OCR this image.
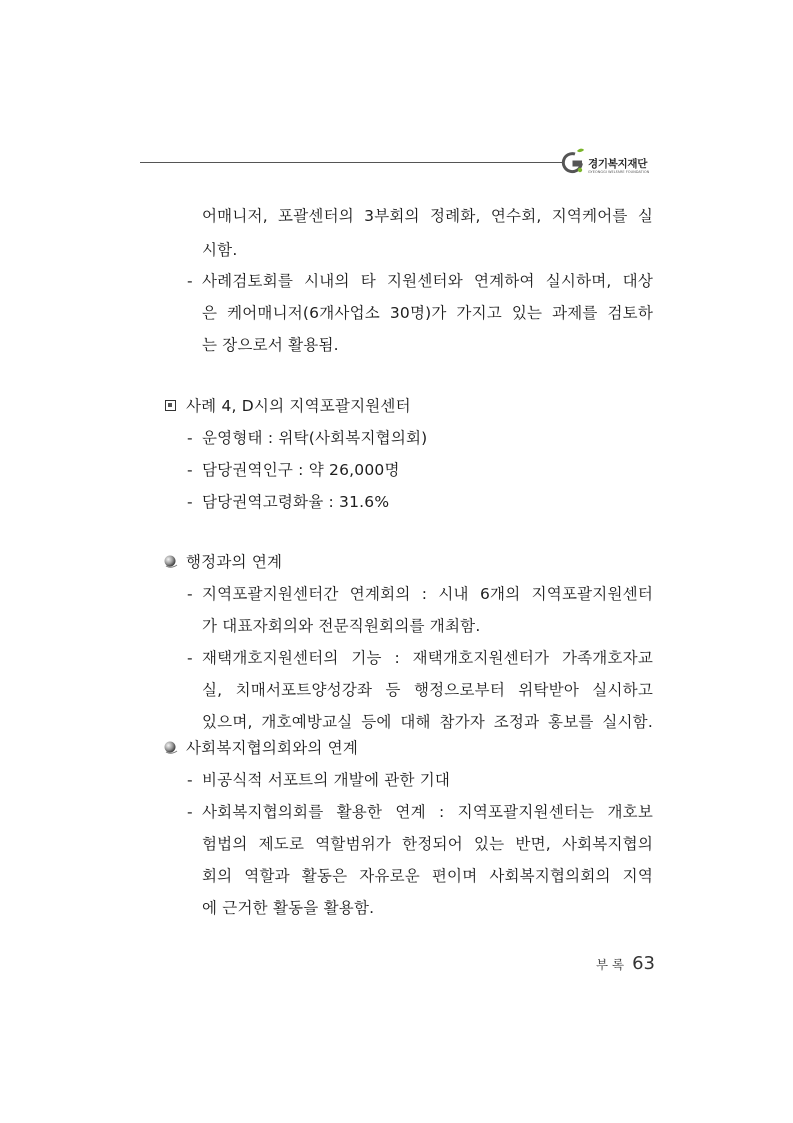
경기복지재단
GYEONGGI WELFARE FOUNDATION
어매니저, 포괄센터의 3부회의 정례화, 연수회, 지역케어를 실
시함.
- 사례검토회를 시내의 타 지원센터와 연계하여 실시하며, 대상
은 케어매니저(6개사업소 30명)가 가지고 있는 과제를 검토하
는 장으로서 활용됨.
사례 4, D시의 지역포괄지원센터
- 운영형태 : 위탁(사회복지협의회)
- 담당권역인구 : 약 26,000명
- 담당권역고령화율 : 31.6%
행정과의 연계
- 지역포괄지원센터간 연계회의 : 시내 6개의 지역포괄지원센터
가 대표자회의와 전문직원회의를 개최함.
- 재택개호지원센터의 기능 : 재택개호지원센터가 가족개호자교
실, 치매서포트양성강좌 등 행정으로부터 위탁받아 실시하고
있으며, 개호예방교실 등에 대해 참가자 조정과 홍보를 실시함.
사회복지협의회와의 연계
- 비공식적 서포트의 개발에 관한 기대
- 사회복지협의회를 활용한 연계 : 지역포괄지원센터는 개호보
험법의 제도로 역할범위가 한정되어 있는 반면, 사회복지협의
회의 역할과 활동은 자유로운 편이며 사회복지협의회의 지역
에 근거한 활동을 활용함.
부록 63
